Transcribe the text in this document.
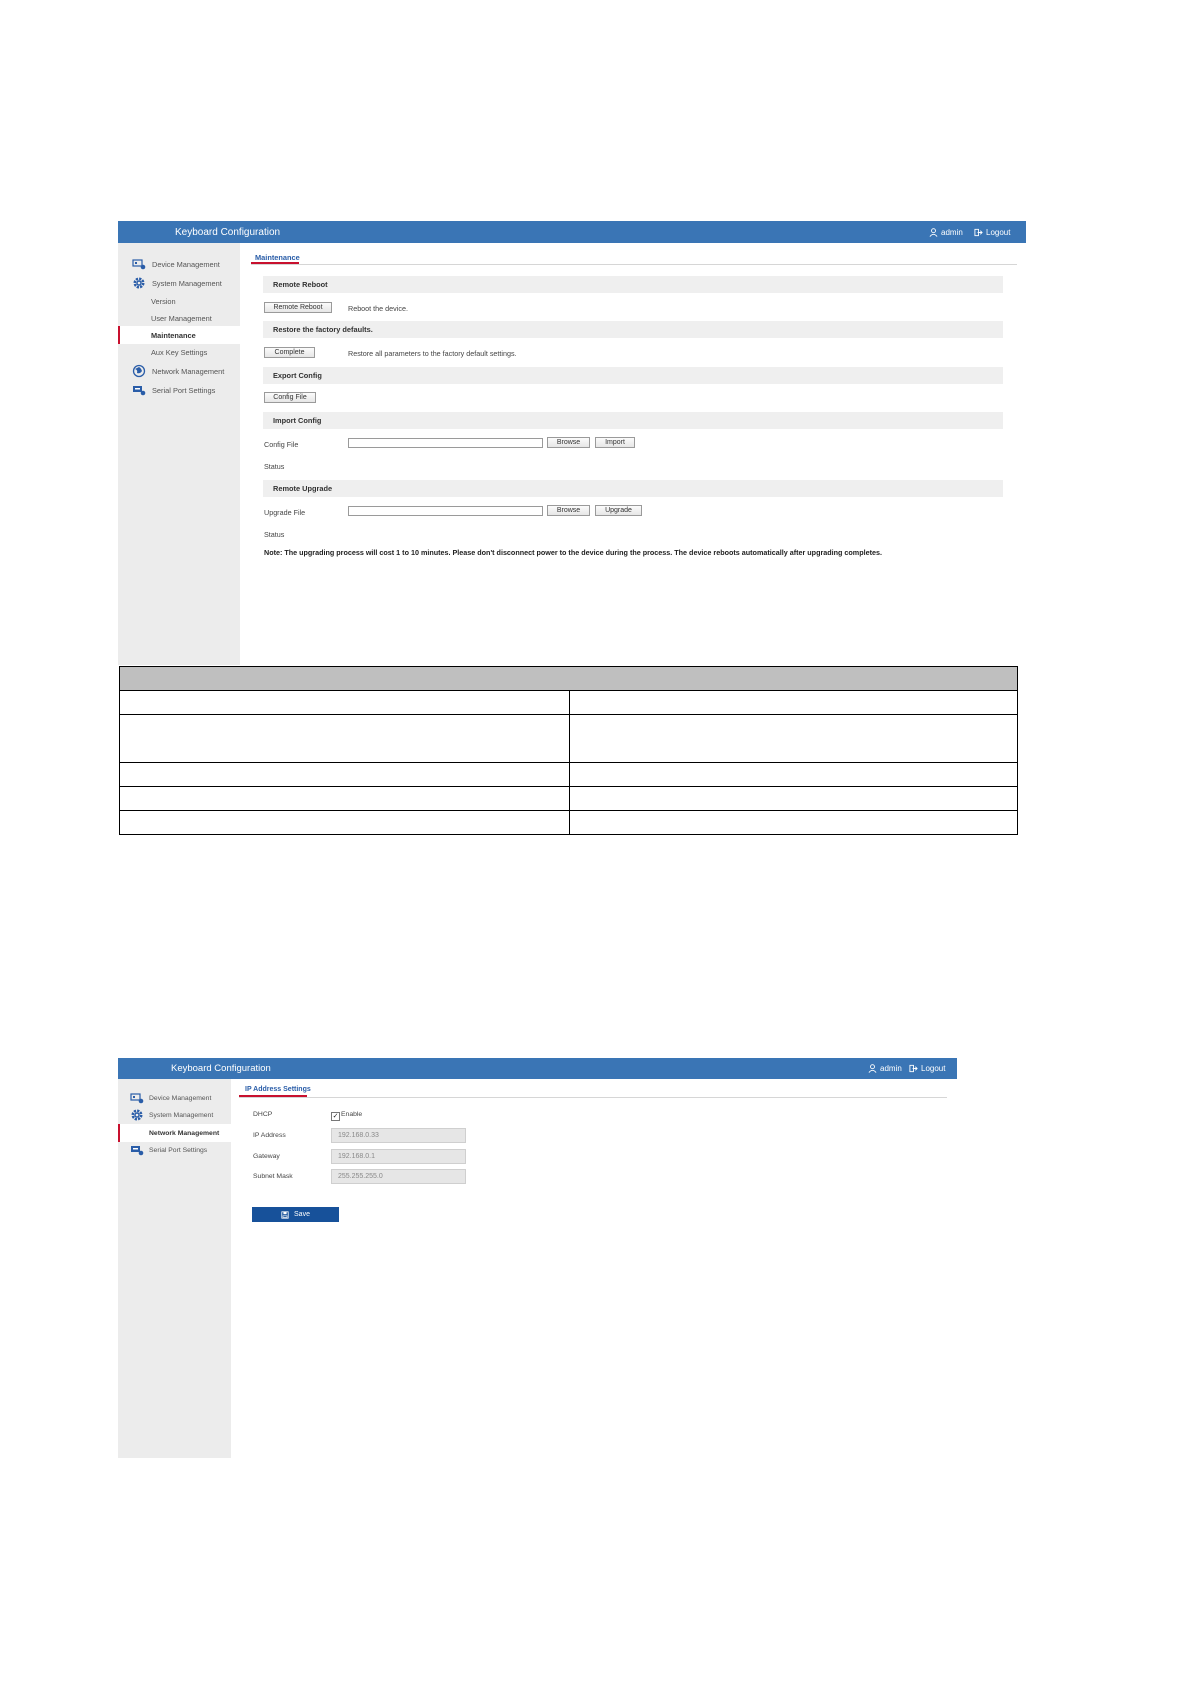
Keyboard Configuration	admin	Logout
Device Management
System Management
Version
User Management
Maintenance
Aux Key Settings
Network Management
Serial Port Settings
Maintenance
Remote Reboot
Remote Reboot	Reboot the device.
Restore the factory defaults.
Complete	Restore all parameters to the factory default settings.
Export Config
Config File
Import Config
Config File	Browse	Import
Status
Remote Upgrade
Upgrade File	Browse	Upgrade
Status
Note: The upgrading process will cost 1 to 10 minutes. Please don't disconnect power to the device during the process. The device reboots automatically after upgrading completes.

Keyboard Configuration	admin Logout
Device Management
System Management
Network Management
Serial Port Settings
IP Address Settings
DHCP	✓ Enable
IP Address	192.168.0.33
Gateway	192.168.0.1
Subnet Mask	255.255.255.0
Save
